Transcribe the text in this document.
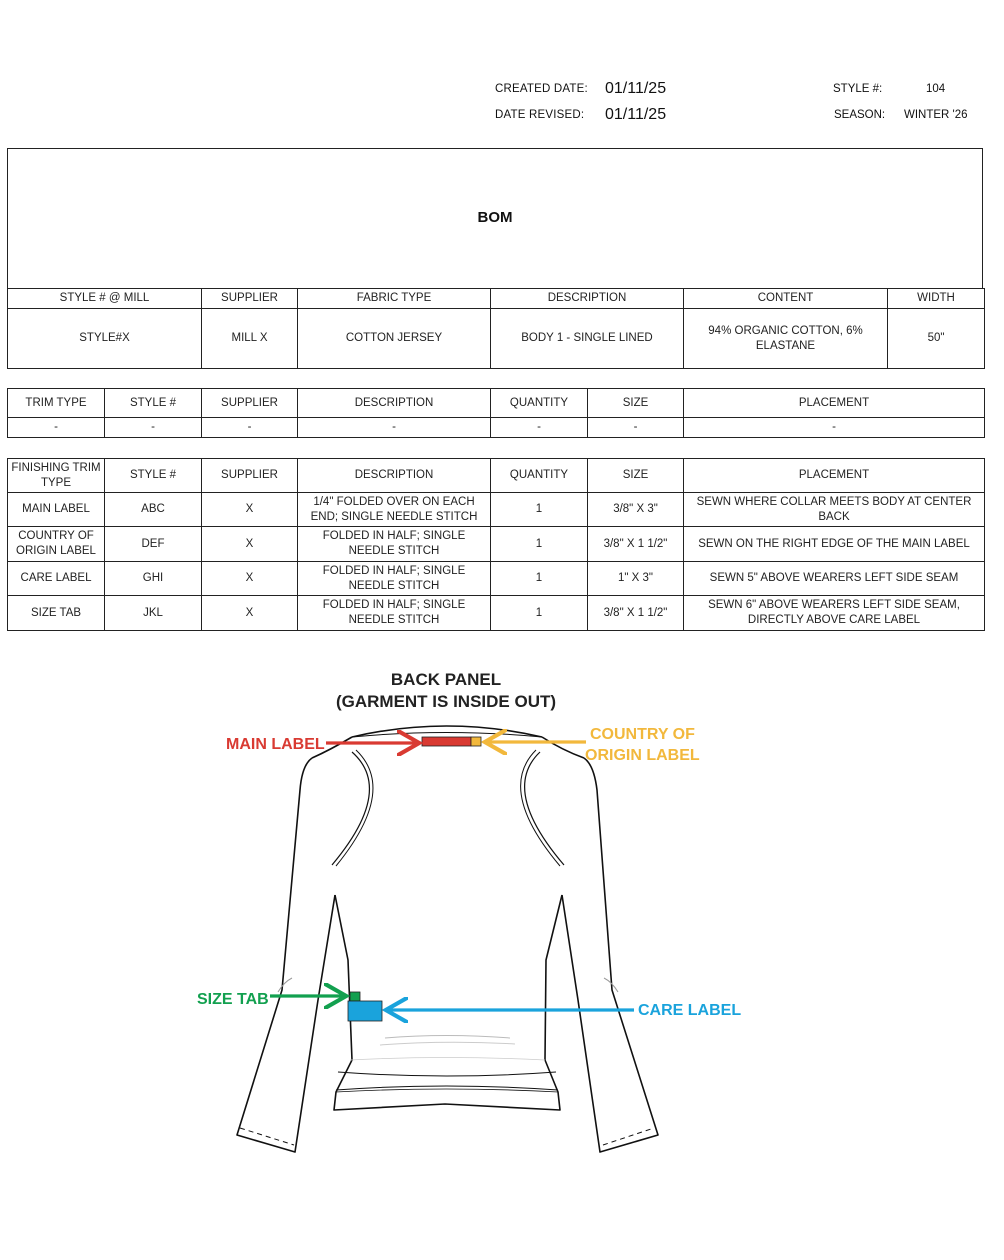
CREATED DATE: 01/11/25
DATE REVISED: 01/11/25
STYLE #:	104
SEASON: WINTER '26
BOM
STYLE # @ MILL	SUPPLIER	FABRIC TYPE	DESCRIPTION	CONTENT	WIDTH
STYLE#X	MILL X	COTTON JERSEY	BODY 1 - SINGLE LINED	94% ORGANIC COTTON, 6% ELASTANE	50"
TRIM TYPE	STYLE #	SUPPLIER	DESCRIPTION	QUANTITY	SIZE	PLACEMENT
-	-	-	-	-	-	-
FINISHING TRIM TYPE	STYLE #	SUPPLIER	DESCRIPTION	QUANTITY	SIZE	PLACEMENT
MAIN LABEL	ABC	X	1/4" FOLDED OVER ON EACH END; SINGLE NEEDLE STITCH	1	3/8" X 3"	SEWN WHERE COLLAR MEETS BODY AT CENTER BACK
COUNTRY OF ORIGIN LABEL	DEF	X	FOLDED IN HALF; SINGLE NEEDLE STITCH	1	3/8" X 1 1/2"	SEWN ON THE RIGHT EDGE OF THE MAIN LABEL
CARE LABEL	GHI	X	FOLDED IN HALF; SINGLE NEEDLE STITCH	1	1" X 3"	SEWN 5" ABOVE WEARERS LEFT SIDE SEAM
SIZE TAB	JKL	X	FOLDED IN HALF; SINGLE NEEDLE STITCH	1	3/8" X 1 1/2"	SEWN 6" ABOVE WEARERS LEFT SIDE SEAM, DIRECTLY ABOVE CARE LABEL
BACK PANEL
(GARMENT IS INSIDE OUT)
MAIN LABEL
COUNTRY OF
ORIGIN LABEL
SIZE TAB
CARE LABEL
